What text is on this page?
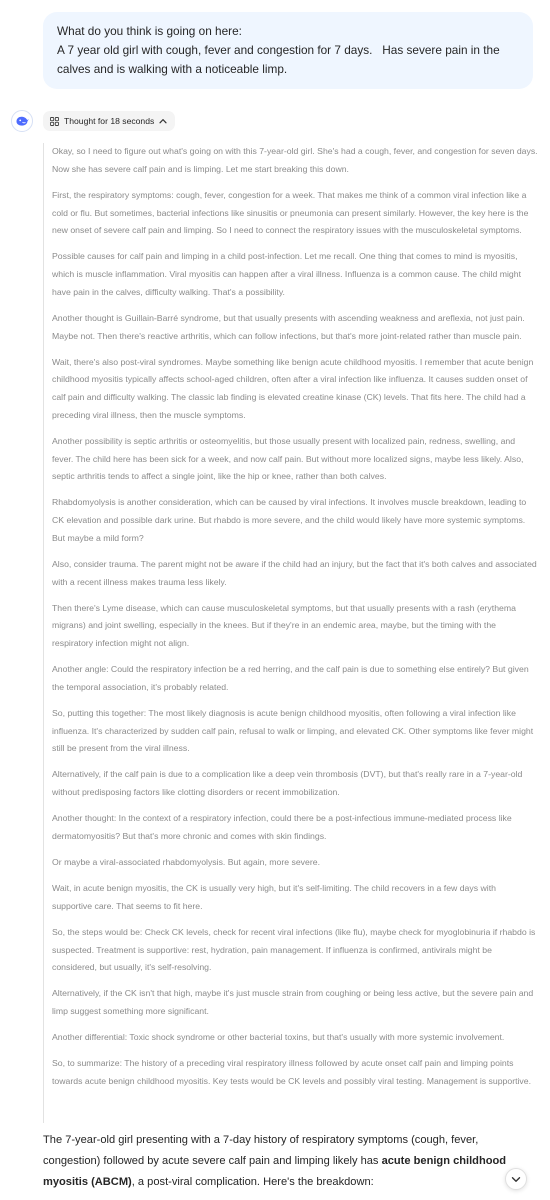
What do you think is going on here:
A 7 year old girl with cough, fever and congestion for 7 days.   Has severe pain in the calves and is walking with a noticeable limp.
Thought for 18 seconds

Okay, so I need to figure out what's going on with this 7-year-old girl. She's had a cough, fever, and congestion for seven days. Now she has severe calf pain and is limping. Let me start breaking this down.

First, the respiratory symptoms: cough, fever, congestion for a week. That makes me think of a common viral infection like a cold or flu. But sometimes, bacterial infections like sinusitis or pneumonia can present similarly. However, the key here is the new onset of severe calf pain and limping. So I need to connect the respiratory issues with the musculoskeletal symptoms.

Possible causes for calf pain and limping in a child post-infection. Let me recall. One thing that comes to mind is myositis, which is muscle inflammation. Viral myositis can happen after a viral illness. Influenza is a common cause. The child might have pain in the calves, difficulty walking. That's a possibility.

Another thought is Guillain-Barré syndrome, but that usually presents with ascending weakness and areflexia, not just pain. Maybe not. Then there's reactive arthritis, which can follow infections, but that's more joint-related rather than muscle pain.

Wait, there's also post-viral syndromes. Maybe something like benign acute childhood myositis. I remember that acute benign childhood myositis typically affects school-aged children, often after a viral infection like influenza. It causes sudden onset of calf pain and difficulty walking. The classic lab finding is elevated creatine kinase (CK) levels. That fits here. The child had a preceding viral illness, then the muscle symptoms.

Another possibility is septic arthritis or osteomyelitis, but those usually present with localized pain, redness, swelling, and fever. The child here has been sick for a week, and now calf pain. But without more localized signs, maybe less likely. Also, septic arthritis tends to affect a single joint, like the hip or knee, rather than both calves.

Rhabdomyolysis is another consideration, which can be caused by viral infections. It involves muscle breakdown, leading to CK elevation and possible dark urine. But rhabdo is more severe, and the child would likely have more systemic symptoms. But maybe a mild form?

Also, consider trauma. The parent might not be aware if the child had an injury, but the fact that it's both calves and associated with a recent illness makes trauma less likely.

Then there's Lyme disease, which can cause musculoskeletal symptoms, but that usually presents with a rash (erythema migrans) and joint swelling, especially in the knees. But if they're in an endemic area, maybe, but the timing with the respiratory infection might not align.

Another angle: Could the respiratory infection be a red herring, and the calf pain is due to something else entirely? But given the temporal association, it's probably related.

So, putting this together: The most likely diagnosis is acute benign childhood myositis, often following a viral infection like influenza. It's characterized by sudden calf pain, refusal to walk or limping, and elevated CK. Other symptoms like fever might still be present from the viral illness.

Alternatively, if the calf pain is due to a complication like a deep vein thrombosis (DVT), but that's really rare in a 7-year-old without predisposing factors like clotting disorders or recent immobilization.

Another thought: In the context of a respiratory infection, could there be a post-infectious immune-mediated process like dermatomyositis? But that's more chronic and comes with skin findings.

Or maybe a viral-associated rhabdomyolysis. But again, more severe.

Wait, in acute benign myositis, the CK is usually very high, but it's self-limiting. The child recovers in a few days with supportive care. That seems to fit here.

So, the steps would be: Check CK levels, check for recent viral infections (like flu), maybe check for myoglobinuria if rhabdo is suspected. Treatment is supportive: rest, hydration, pain management. If influenza is confirmed, antivirals might be considered, but usually, it's self-resolving.

Alternatively, if the CK isn't that high, maybe it's just muscle strain from coughing or being less active, but the severe pain and limp suggest something more significant.

Another differential: Toxic shock syndrome or other bacterial toxins, but that's usually with more systemic involvement.

So, to summarize: The history of a preceding viral respiratory illness followed by acute onset calf pain and limping points towards acute benign childhood myositis. Key tests would be CK levels and possibly viral testing. Management is supportive.

The 7-year-old girl presenting with a 7-day history of respiratory symptoms (cough, fever, congestion) followed by acute severe calf pain and limping likely has acute benign childhood myositis (ABCM), a post-viral complication. Here's the breakdown:
